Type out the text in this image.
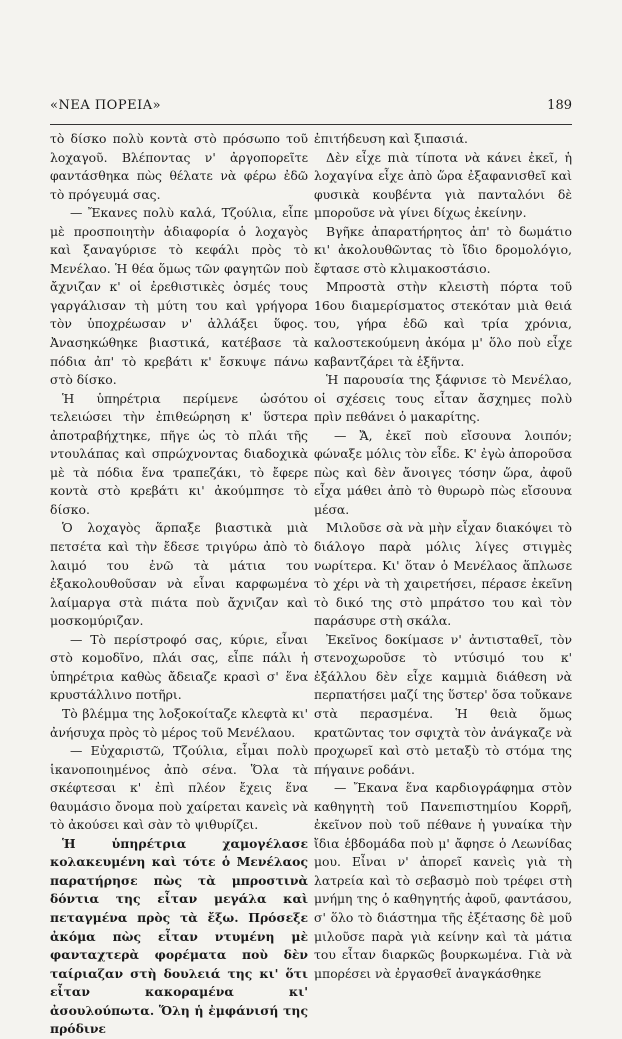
«ΝΕΑ ΠΟΡΕΙΑ»	189

τὸ δίσκο πολὺ κοντὰ στὸ πρόσωπο τοῦ λοχαγοῦ. Βλέποντας ν' ἀργοπορεῖτε φαντάσθηκα πὼς θέλατε νὰ φέρω ἐδῶ τὸ πρόγευμά σας.

— Ἔκανες πολὺ καλά, Τζούλια, εἶπε μὲ προσποιητὴν ἀδιαφορία ὁ λοχαγὸς καὶ ξαναγύρισε τὸ κεφάλι πρὸς τὸ Μενέλαο. Ἡ θέα ὅμως τῶν φαγητῶν ποὺ ἄχνιζαν κ' οἱ ἐρεθιστικὲς ὀσμές τους γαργάλισαν τὴ μύτη του καὶ γρήγορα τὸν ὑποχρέωσαν ν' ἀλλάξει ὕφος. Ἀνασηκώθηκε βιαστικά, κατέβασε τὰ πόδια ἀπ' τὸ κρεβάτι κ' ἔσκυψε πάνω στὸ δίσκο.

Ἡ ὑπηρέτρια περίμενε ὡσότου τελειώσει τὴν ἐπιθεώρηση κ' ὕστερα ἀποτραβήχτηκε, πῆγε ὡς τὸ πλάι τῆς ντουλάπας καὶ σπρώχνοντας διαδοχικὰ μὲ τὰ πόδια ἕνα τραπεζάκι, τὸ ἔφερε κοντὰ στὸ κρεβάτι κι' ἀκούμπησε τὸ δίσκο.

Ὁ λοχαγὸς ἅρπαξε βιαστικὰ μιὰ πετσέτα καὶ τὴν ἔδεσε τριγύρω ἀπὸ τὸ λαιμό του ἐνῶ τὰ μάτια του ἐξακολουθοῦσαν νὰ εἶναι καρφωμένα λαίμαργα στὰ πιάτα ποὺ ἄχνιζαν καὶ μοσκομύριζαν.

— Τὸ περίστροφό σας, κύριε, εἶναι στὸ κομοδῖνο, πλάι σας, εἶπε πάλι ἡ ὑπηρέτρια καθὼς ἄδειαζε κρασὶ σ' ἕνα κρυστάλλινο ποτῆρι.

Τὸ βλέμμα της λοξοκοίταζε κλεφτὰ κι' ἀνήσυχα πρὸς τὸ μέρος τοῦ Μενέλαου.

— Εὐχαριστῶ, Τζούλια, εἶμαι πολὺ ἱκανοποιημένος ἀπὸ σένα. Ὅλα τὰ σκέφτεσαι κ' ἐπὶ πλέον ἔχεις ἕνα θαυμάσιο ὄνομα ποὺ χαίρεται κανεὶς νὰ τὸ ἀκούσει καὶ σὰν τὸ ψιθυρίζει.

Ἡ ὑπηρέτρια χαμογέλασε κολακευμένη καὶ τότε ὁ Μενέλαος παρατήρησε πὼς τὰ μπροστινὰ δόντια της εἶταν μεγάλα καὶ πεταγμένα πρὸς τὰ ἔξω. Πρόσεξε ἀκόμα πὼς εἶταν ντυμένη μὲ φανταχτερὰ φορέματα ποὺ δὲν ταίριαζαν στὴ δουλειά της κι' ὅτι εἶταν κακοραμένα κι' ἀσουλούπωτα. Ὅλη ἡ ἐμφάνισή της πρόδινε

ἐπιτήδευση καὶ ξιπασιά.

Δὲν εἶχε πιὰ τίποτα νὰ κάνει ἐκεῖ, ἡ λοχαγίνα εἶχε ἀπὸ ὥρα ἐξαφανισθεῖ καὶ φυσικὰ κουβέντα γιὰ πανταλόνι δὲ μποροῦσε νὰ γίνει δίχως ἐκείνην.

Βγῆκε ἀπαρατήρητος ἀπ' τὸ δωμάτιο κι' ἀκολουθῶντας τὸ ἴδιο δρομολόγιο, ἔφτασε στὸ κλιμακοστάσιο.

Μπροστὰ στὴν κλειστὴ πόρτα τοῦ 16ου διαμερίσματος στεκόταν μιὰ θειά του, γήρα ἐδῶ καὶ τρία χρόνια, καλοστεκούμενη ἀκόμα μ' ὅλο ποὺ εἶχε καβαντζάρει τὰ ἑξῆντα.

Ἡ παρουσία της ξάφνισε τὸ Μενέλαο, οἱ σχέσεις τους εἶταν ἄσχημες πολὺ πρὶν πεθάνει ὁ μακαρίτης.

— Ἄ, ἐκεῖ ποὺ εἴσουνα λοιπόν; φώναξε μόλις τὸν εἶδε. Κ' ἐγὼ ἀποροῦσα πὼς καὶ δὲν ἄνοιγες τόσην ὥρα, ἀφοῦ εἶχα μάθει ἀπὸ τὸ θυρωρὸ πὼς εἴσουνα μέσα.

Μιλοῦσε σὰ νὰ μὴν εἶχαν διακόψει τὸ διάλογο παρὰ μόλις λίγες στιγμὲς νωρίτερα. Κι' ὅταν ὁ Μενέλαος ἅπλωσε τὸ χέρι νὰ τὴ χαιρετήσει, πέρασε ἐκεῖνη τὸ δικό της στὸ μπράτσο του καὶ τὸν παράσυρε στὴ σκάλα.

Ἐκεῖνος δοκίμασε ν' ἀντισταθεῖ, τὸν στενοχωροῦσε τὸ ντύσιμό του κ' ἐξάλλου δὲν εἶχε καμμιὰ διάθεση νὰ περπατήσει μαζί της ὕστερ' ὅσα τοὔκανε στὰ περασμένα. Ἡ θειὰ ὅμως κρατῶντας τον σφιχτὰ τὸν ἀνάγκαζε νὰ προχωρεῖ καὶ στὸ μεταξὺ τὸ στόμα της πήγαινε ροδάνι.

— Ἔκανα ἕνα καρδιογράφημα στὸν καθηγητὴ τοῦ Πανεπιστημίου Κορρῆ, ἐκεῖνον ποὺ τοῦ πέθανε ἡ γυναίκα τὴν ἴδια ἑβδομάδα ποὺ μ' ἄφησε ὁ Λεωνίδας μου. Εἶναι ν' ἀπορεῖ κανεὶς γιὰ τὴ λατρεία καὶ τὸ σεβασμὸ ποὺ τρέφει στὴ μνήμη της ὁ καθηγητής ἀφοῦ, φαντάσου, σ' ὅλο τὸ διάστημα τῆς ἐξέτασης δὲ μοῦ μιλοῦσε παρὰ γιὰ κείνην καὶ τὰ μάτια του εἶταν διαρκῶς βουρκωμένα. Γιὰ νὰ μπορέσει νὰ ἐργασθεῖ ἀναγκάσθηκε
